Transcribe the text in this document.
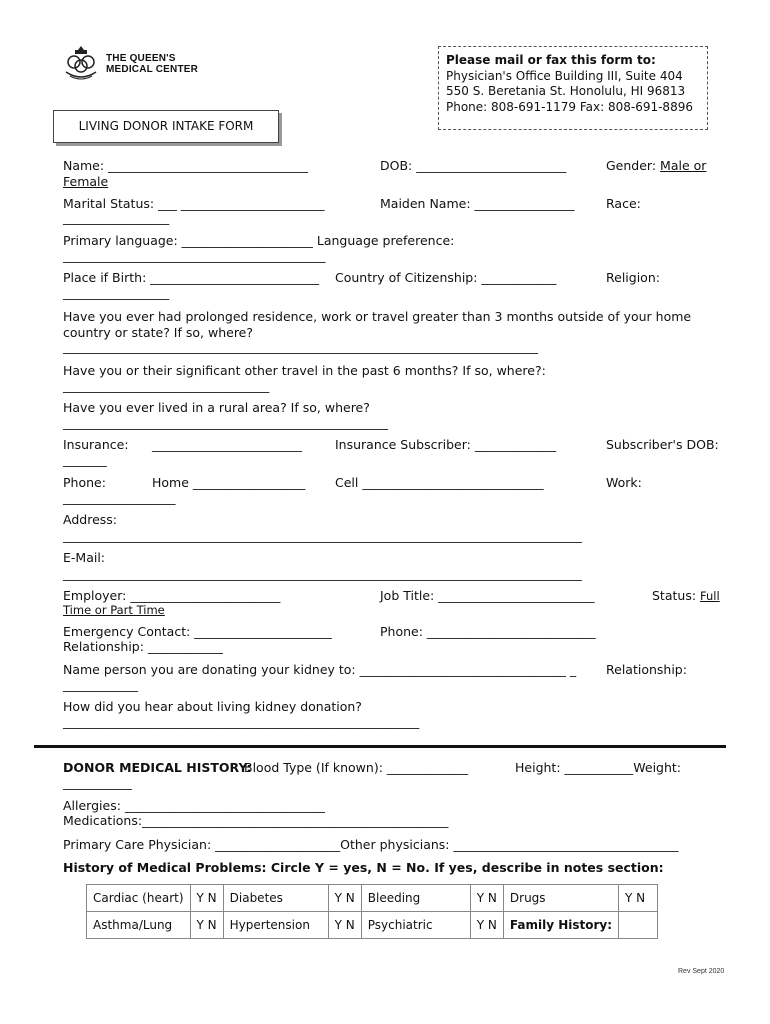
THE QUEEN'S
MEDICAL CENTER
Please mail or fax this form to:
Physician's Office Building III, Suite 404
550 S. Beretania St. Honolulu, HI 96813
Phone: 808-691-1179 Fax: 808-691-8896
LIVING DONOR INTAKE FORM
Name: ________________________________	DOB: ________________________	Gender: Male or
Female
Marital Status: ___ _______________________	Maiden Name: ________________	Race:
_________________
Primary language: _____________________ Language preference:
__________________________________________
Place if Birth: ___________________________ Country of Citizenship: ____________	Religion:
_________________
Have you ever had prolonged residence, work or travel greater than 3 months outside of your home
country or state? If so, where?
____________________________________________________________________________
Have you or their significant other travel in the past 6 months? If so, where?:
_________________________________
Have you ever lived in a rural area? If so, where?
____________________________________________________
Insurance: ________________________	Insurance Subscriber: _____________	Subscriber's DOB:
_______
Phone:	Home __________________ Cell _____________________________	Work:
__________________
Address:
___________________________________________________________________________________
E-Mail:
___________________________________________________________________________________
Employer: ________________________	Job Title: _________________________	Status: Full
Time or Part Time
Emergency Contact: ______________________	Phone: ___________________________
Relationship: ____________
Name person you are donating your kidney to: _________________________________ _ Relationship:
____________
How did you hear about living kidney donation?
_________________________________________________________
DONOR MEDICAL HISTORY:
Blood Type (If known): _____________	Height: ___________Weight:
___________
Allergies: ________________________________
Medications:_________________________________________________
Primary Care Physician: ____________________Other physicians: ____________________________________
History of Medical Problems: Circle Y = yes, N = No. If yes, describe in notes section:
Cardiac (heart)	Y N	Diabetes	Y N	Bleeding	Y N	Drugs	Y N
Asthma/Lung	Y N	Hypertension	Y N	Psychiatric	Y N	Family History:	
Rev Sept 2020
